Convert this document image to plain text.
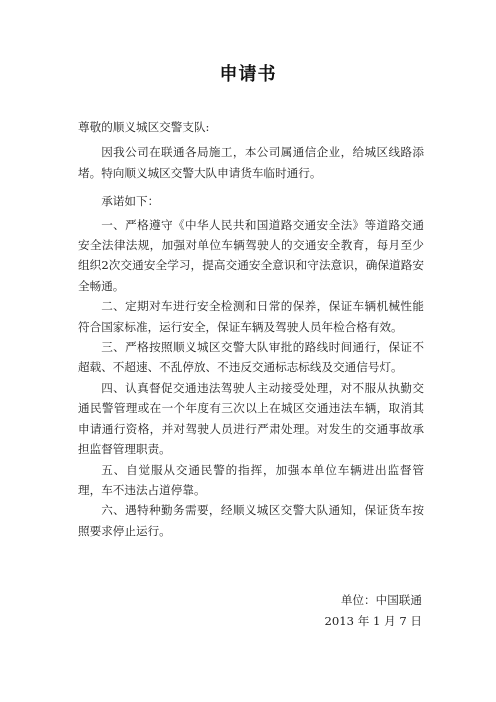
申请书

尊敬的顺义城区交警支队:

因我公司在联通各局施工，本公司属通信企业，给城区线路添堵。特向顺义城区交警大队申请货车临时通行。

承诺如下：

一、严格遵守《中华人民共和国道路交通安全法》等道路交通安全法律法规，加强对单位车辆驾驶人的交通安全教育，每月至少组织2次交通安全学习，提高交通安全意识和守法意识，确保道路安全畅通。

二、定期对车进行安全检测和日常的保养，保证车辆机械性能符合国家标准，运行安全，保证车辆及驾驶人员年检合格有效。

三、严格按照顺义城区交警大队审批的路线时间通行，保证不超载、不超速、不乱停放、不违反交通标志标线及交通信号灯。

四、认真督促交通违法驾驶人主动接受处理，对不服从执勤交通民警管理或在一个年度有三次以上在城区交通违法车辆，取消其申请通行资格，并对驾驶人员进行严肃处理。对发生的交通事故承担监督管理职责。

五、自觉服从交通民警的指挥，加强本单位车辆进出监督管理，车不违法占道停靠。

六、遇特种勤务需要，经顺义城区交警大队通知，保证货车按照要求停止运行。

单位：中国联通
2013 年 1 月 7 日
